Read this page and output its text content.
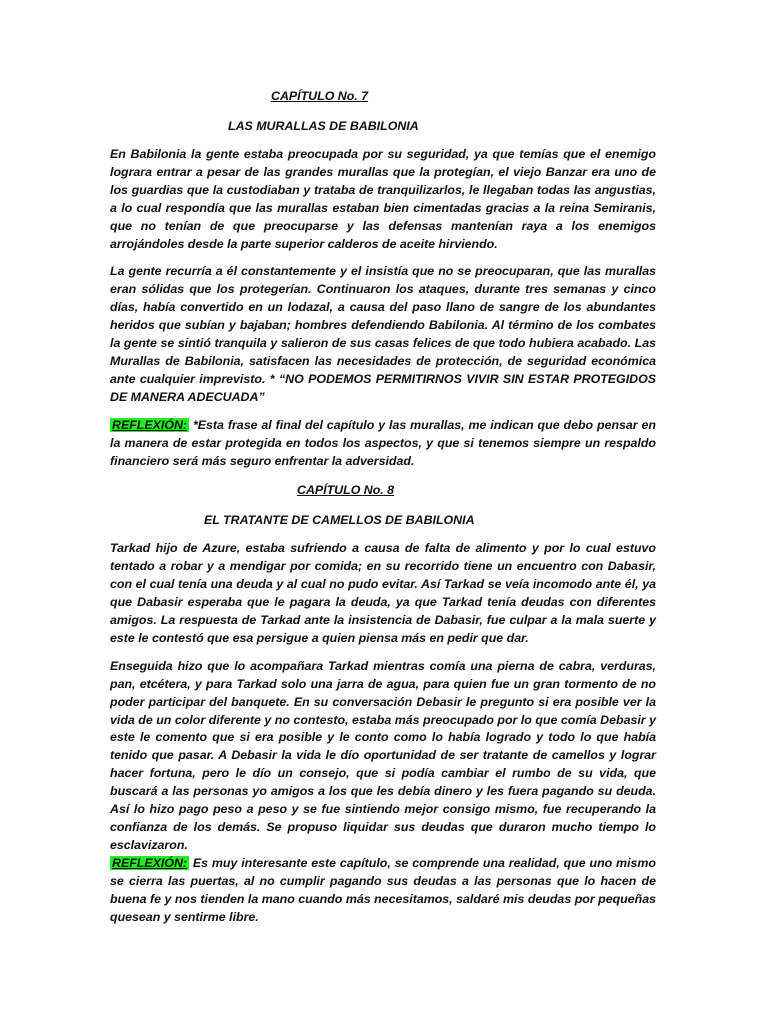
CAPÍTULO No. 7
LAS MURALLAS DE BABILONIA

En Babilonia la gente estaba preocupada por su seguridad, ya que temías que el enemigo lograrа entrar a pesar de las grandes murallas que la protegían, el viejo Banzar era uno de los guardias que la custodiaban y trataba de tranquilizarlos, le llegaban todas las angustias, a lo cual respondía que las murallas estaban bien cimentadas gracias a la reina Semiranis, que no tenían de que preocuparse y las defensas mantenían raya a los enemigos arrojándoles desde la parte superior calderos de aceite hirviendo.

La gente recurría a él constantemente y el insistía que no se preocuparan, que las murallas eran sólidas que los protegerían. Continuaron los ataques, durante tres semanas y cinco días, había convertido en un lodazal, a causa del paso llano de sangre de los abundantes heridos que subían y bajaban; hombres defendiendo Babilonia. Al término de los combates la gente se sintió tranquila y salieron de sus casas felices de que todo hubiera acabado. Las Murallas de Babilonia, satisfacen las necesidades de protección, de seguridad económica ante cualquier imprevisto. * “NO PODEMOS PERMITIRNOS VIVIR SIN ESTAR PROTEGIDOS DE MANERA ADECUADA”

REFLEXIÓN: *Esta frase al final del capítulo y las murallas, me indican que debo pensar en la manera de estar protegida en todos los aspectos, y que si tenemos siempre un respaldo financiero será más seguro enfrentar la adversidad.

CAPÍTULO No. 8
EL TRATANTE DE CAMELLOS DE BABILONIA

Tarkad hijo de Azure, estaba sufriendo a causa de falta de alimento y por lo cual estuvo tentado a robar y a mendigar por comida; en su recorrido tiene un encuentro con Dabasir, con el cual tenía una deuda y al cual no pudo evitar. Así Tarkad se veía incomodo ante él, ya que Dabasir esperaba que le pagara la deuda, ya que Tarkad tenía deudas con diferentes amigos. La respuesta de Tarkad ante la insistencia de Dabasir, fue culpar a la mala suerte y este le contestó que esa persigue a quien piensa más en pedir que dar.

Enseguida hizo que lo acompañara Tarkad mientras comía una pierna de cabra, verduras, pan, etcétera, y para Tarkad solo una jarra de agua, para quien fue un gran tormento de no poder participar del banquete. En su conversación Debasir le pregunto si era posible ver la vida de un color diferente y no contesto, estaba más preocupado por lo que comía Debasir y este le comento que si era posible y le conto como lo había logrado y todo lo que había tenido que pasar. A Debasir la vida le dío oportunidad de ser tratante de camellos y lograr hacer fortuna, pero le dío un consejo, que si podía cambiar el rumbo de su vida, que buscará a las personas yo amigos a los que les debía dinero y les fuera pagando su deuda. Así lo hizo pago peso a peso y se fue sintiendo mejor consigo mismo, fue recuperando la confianza de los demás. Se propuso liquidar sus deudas que duraron mucho tiempo lo esclavizaron.

REFLEXIÓN: Es muy interesante este capítulo, se comprende una realidad, que uno mismo se cierra las puertas, al no cumplir pagando sus deudas a las personas que lo hacen de buena fe y nos tienden la mano cuando más necesitamos, saldaré mis deudas por pequeñas quesean y sentirme libre.
